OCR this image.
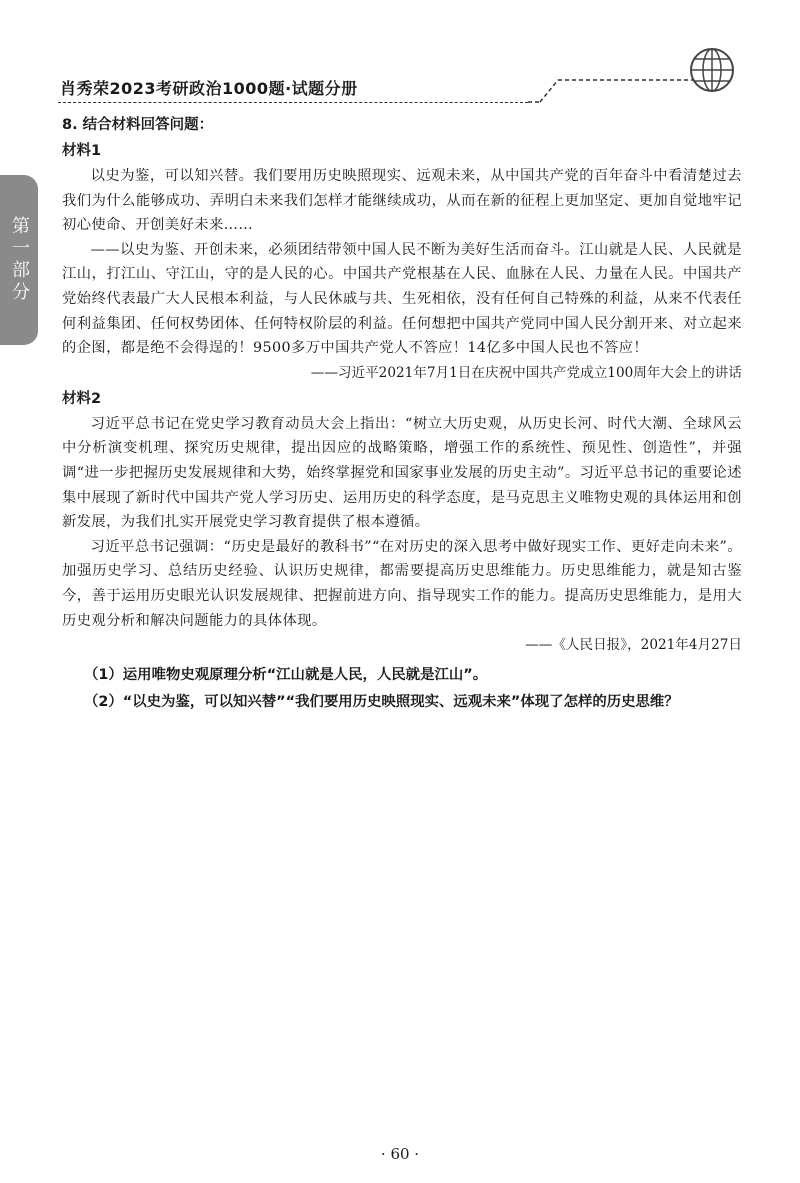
肖秀荣2023考研政治1000题·试题分册
第一部分

8. 结合材料回答问题：

材料1

以史为鉴，可以知兴替。我们要用历史映照现实、远观未来，从中国共产党的百年奋斗中看清楚过去我们为什么能够成功、弄明白未来我们怎样才能继续成功，从而在新的征程上更加坚定、更加自觉地牢记初心使命、开创美好未来……

——以史为鉴、开创未来，必须团结带领中国人民不断为美好生活而奋斗。江山就是人民、人民就是江山，打江山、守江山，守的是人民的心。中国共产党根基在人民、血脉在人民、力量在人民。中国共产党始终代表最广大人民根本利益，与人民休戚与共、生死相依，没有任何自己特殊的利益，从来不代表任何利益集团、任何权势团体、任何特权阶层的利益。任何想把中国共产党同中国人民分割开来、对立起来的企图，都是绝不会得逞的！9500多万中国共产党人不答应！14亿多中国人民也不答应！

——习近平2021年7月1日在庆祝中国共产党成立100周年大会上的讲话

材料2

习近平总书记在党史学习教育动员大会上指出：“树立大历史观，从历史长河、时代大潮、全球风云中分析演变机理、探究历史规律，提出因应的战略策略，增强工作的系统性、预见性、创造性”，并强调“进一步把握历史发展规律和大势，始终掌握党和国家事业发展的历史主动”。习近平总书记的重要论述集中展现了新时代中国共产党人学习历史、运用历史的科学态度，是马克思主义唯物史观的具体运用和创新发展，为我们扎实开展党史学习教育提供了根本遵循。

习近平总书记强调：“历史是最好的教科书”“在对历史的深入思考中做好现实工作、更好走向未来”。加强历史学习、总结历史经验、认识历史规律，都需要提高历史思维能力。历史思维能力，就是知古鉴今，善于运用历史眼光认识发展规律、把握前进方向、指导现实工作的能力。提高历史思维能力，是用大历史观分析和解决问题能力的具体体现。

——《人民日报》，2021年4月27日

（1）运用唯物史观原理分析“江山就是人民，人民就是江山”。

（2）“以史为鉴，可以知兴替”“我们要用历史映照现实、远观未来”体现了怎样的历史思维？

· 60 ·
